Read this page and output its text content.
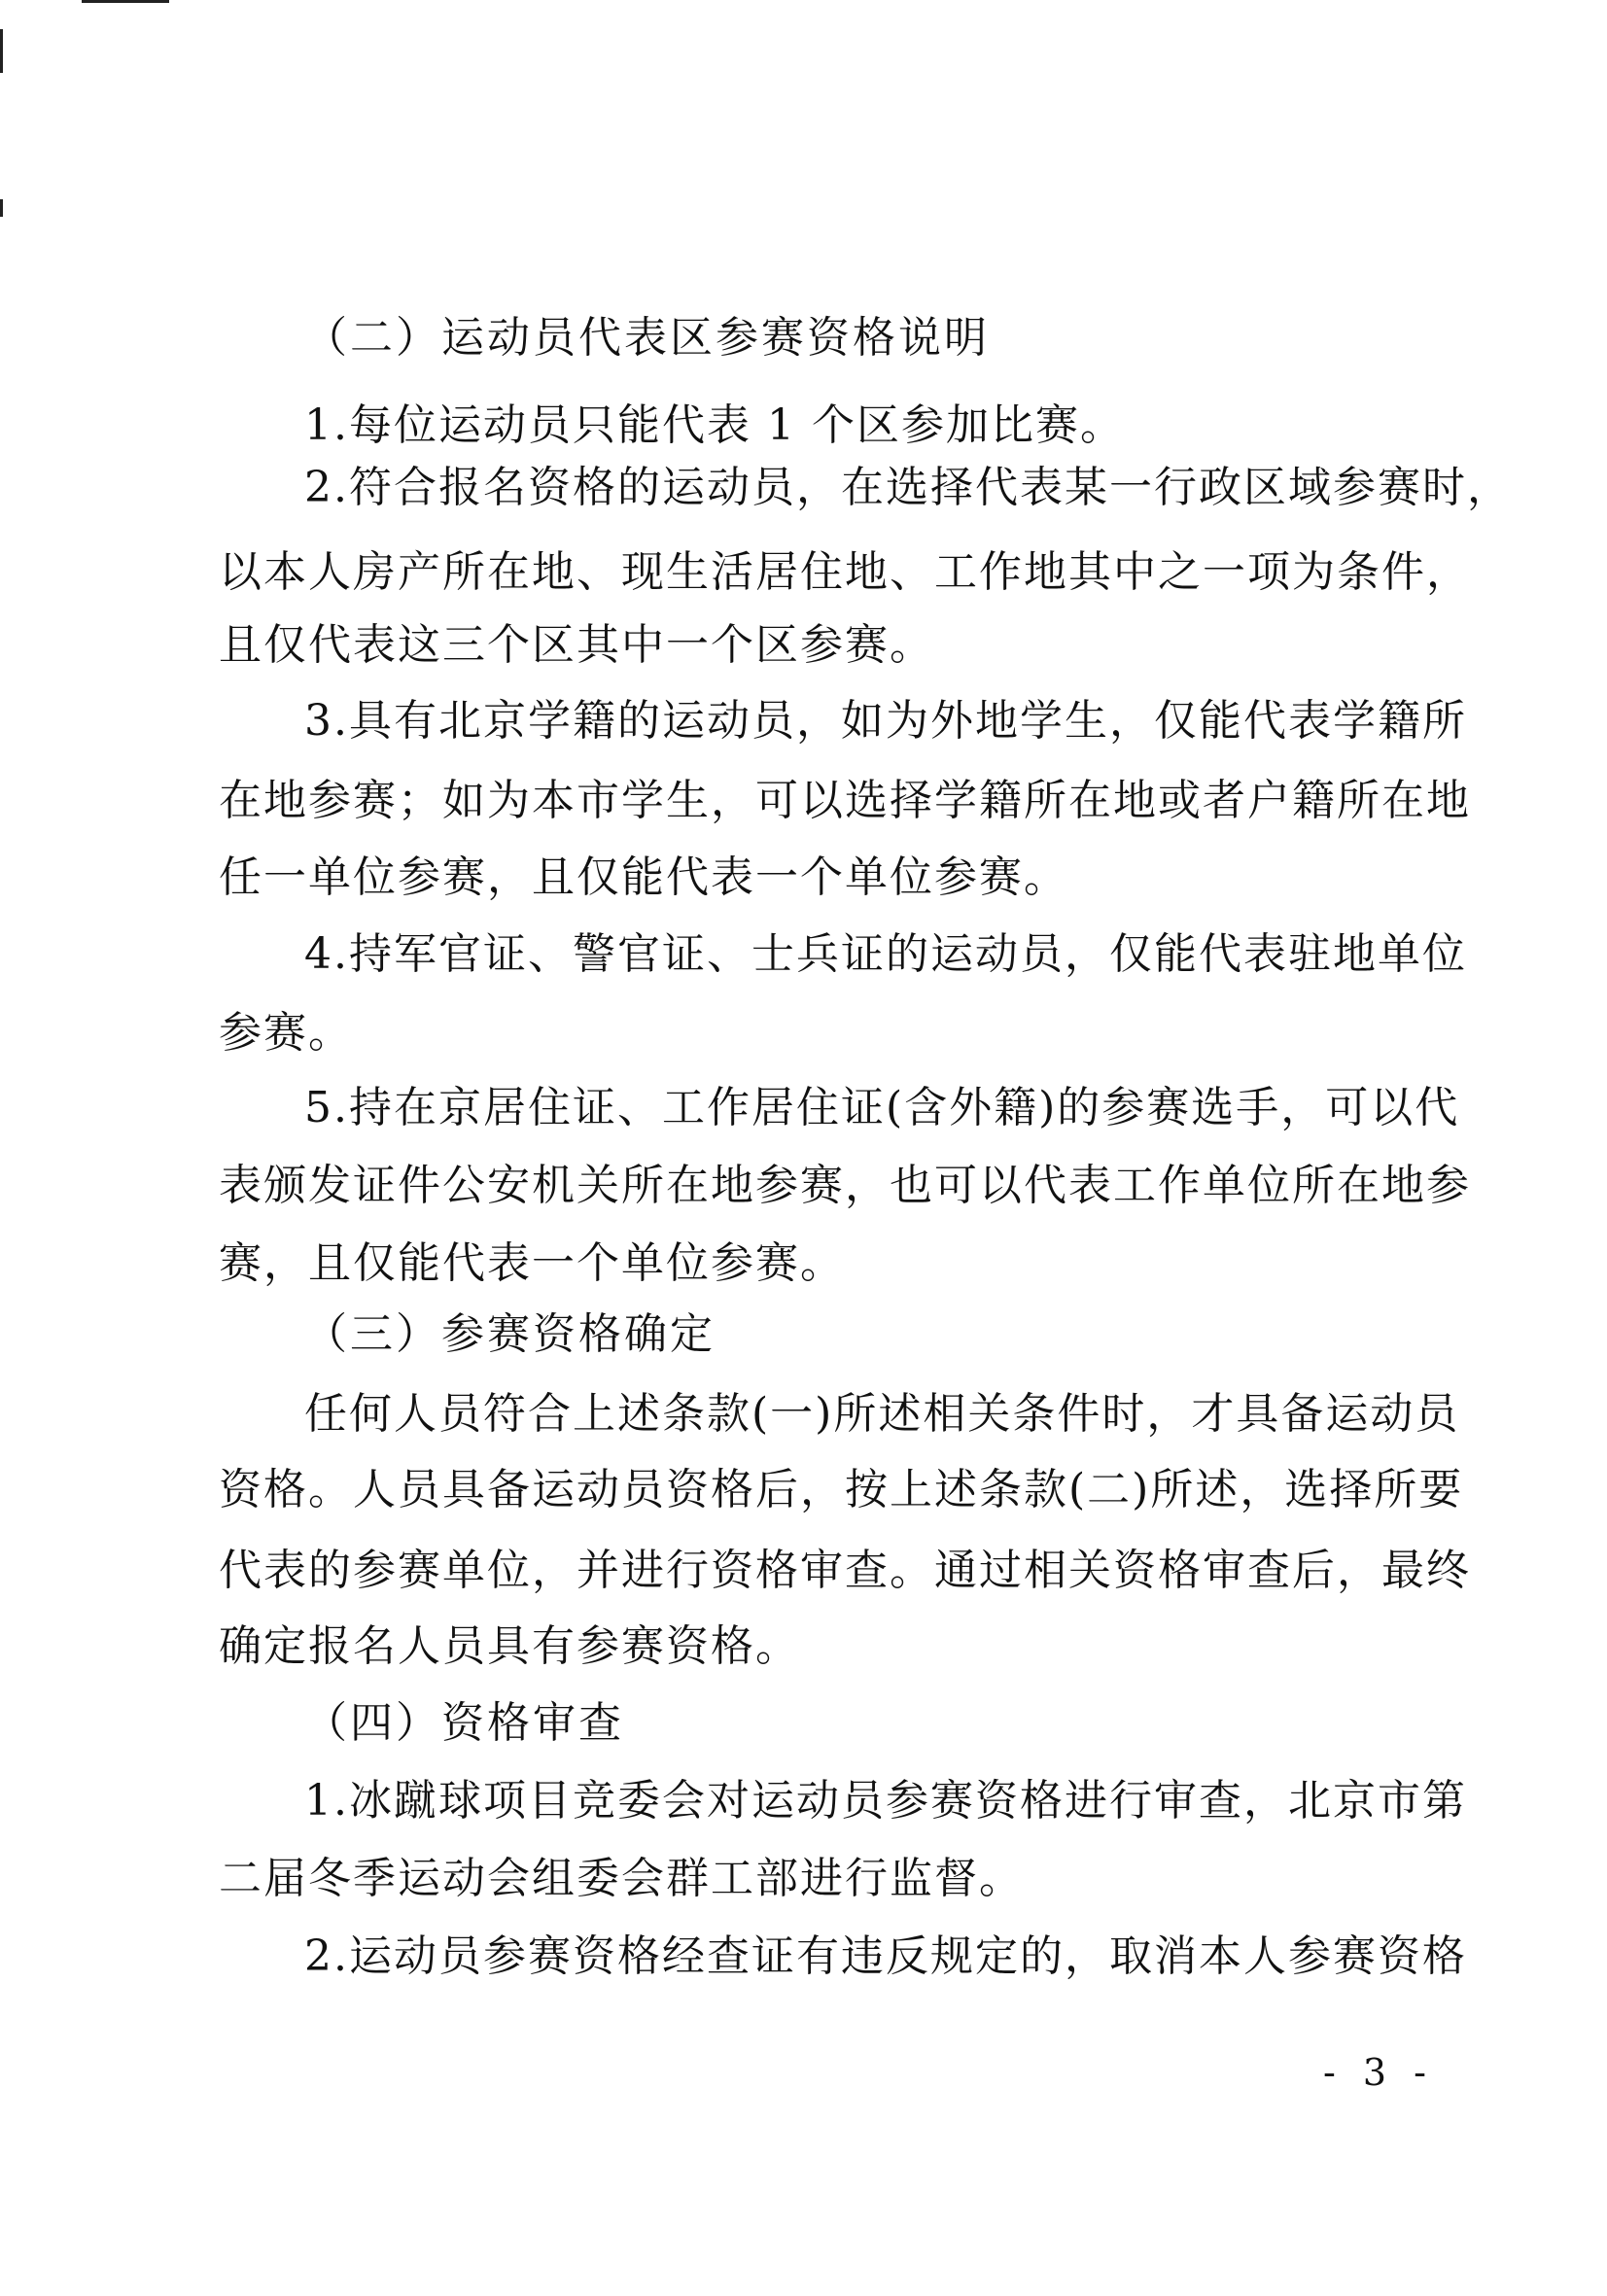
（二）运动员代表区参赛资格说明

1.每位运动员只能代表 1 个区参加比赛。

2.符合报名资格的运动员，在选择代表某一行政区域参赛时，

以本人房产所在地、现生活居住地、工作地其中之一项为条件，

且仅代表这三个区其中一个区参赛。

3.具有北京学籍的运动员，如为外地学生，仅能代表学籍所

在地参赛；如为本市学生，可以选择学籍所在地或者户籍所在地

任一单位参赛，且仅能代表一个单位参赛。

4.持军官证、警官证、士兵证的运动员，仅能代表驻地单位

参赛。

5.持在京居住证、工作居住证(含外籍)的参赛选手，可以代

表颁发证件公安机关所在地参赛，也可以代表工作单位所在地参

赛，且仅能代表一个单位参赛。

（三）参赛资格确定

任何人员符合上述条款(一)所述相关条件时，才具备运动员

资格。人员具备运动员资格后，按上述条款(二)所述，选择所要

代表的参赛单位，并进行资格审查。通过相关资格审查后，最终

确定报名人员具有参赛资格。

（四）资格审查

1.冰蹴球项目竞委会对运动员参赛资格进行审查，北京市第

二届冬季运动会组委会群工部进行监督。

2.运动员参赛资格经查证有违反规定的，取消本人参赛资格

- 3 -
